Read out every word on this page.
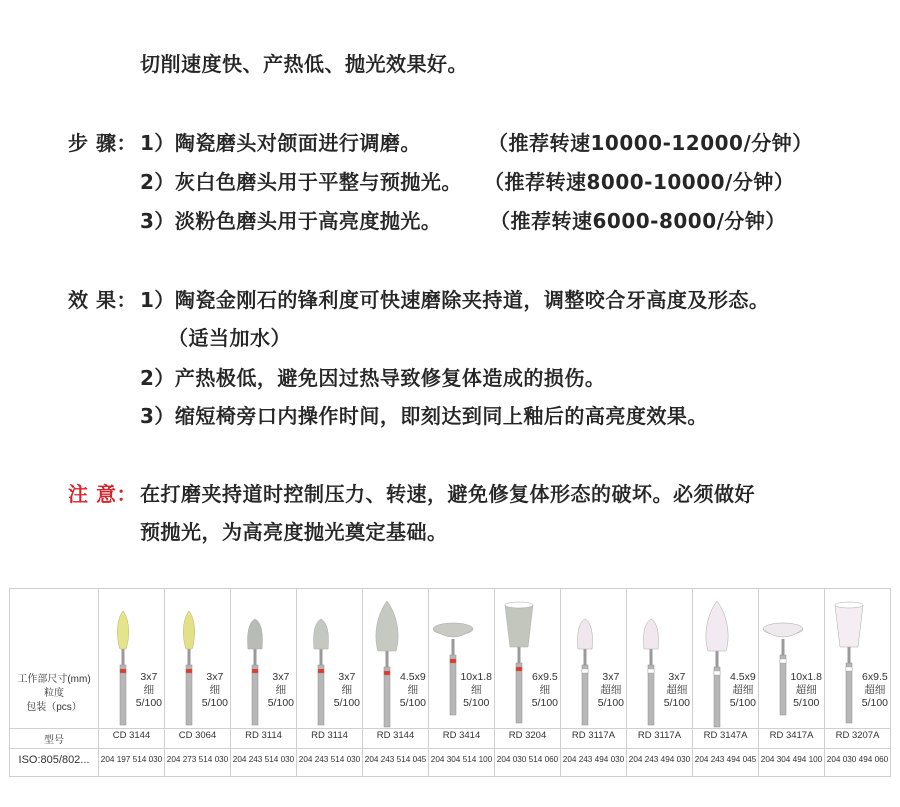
切削速度快、产热低、抛光效果好。
步 骤： 1）陶瓷磨头对颌面进行调磨。	（推荐转速10000-12000/分钟）
2）灰白色磨头用于平整与预抛光。 （推荐转速8000-10000/分钟）
3）淡粉色磨头用于高亮度抛光。 （推荐转速6000-8000/分钟）
效 果： 1）陶瓷金刚石的锋利度可快速磨除夹持道，调整咬合牙高度及形态。
（适当加水）
2）产热极低，避免因过热导致修复体造成的损伤。
3）缩短椅旁口内操作时间，即刻达到同上釉后的高亮度效果。
注 意： 在打磨夹持道时控制压力、转速，避免修复体形态的破坏。必须做好
预抛光，为高亮度抛光奠定基础。
工作部尺寸(mm)
粒度
包装（pcs）
型号
ISO:805/802...
3x7
细
5/100
CD 3144
204 197 514 030
3x7
细
5/100
CD 3064
204 273 514 030
3x7
细
5/100
RD 3114
204 243 514 030
3x7
细
5/100
RD 3114
204 243 514 030
4.5x9
细
5/100
RD 3144
204 243 514 045
10x1.8
细
5/100
RD 3414
204 304 514 100
6x9.5
细
5/100
RD 3204
204 030 514 060
3x7
超细
5/100
RD 3117A
204 243 494 030
3x7
超细
5/100
RD 3117A
204 243 494 030
4.5x9
超细
5/100
RD 3147A
204 243 494 045
10x1.8
超细
5/100
RD 3417A
204 304 494 100
6x9.5
超细
5/100
RD 3207A
204 030 494 060
